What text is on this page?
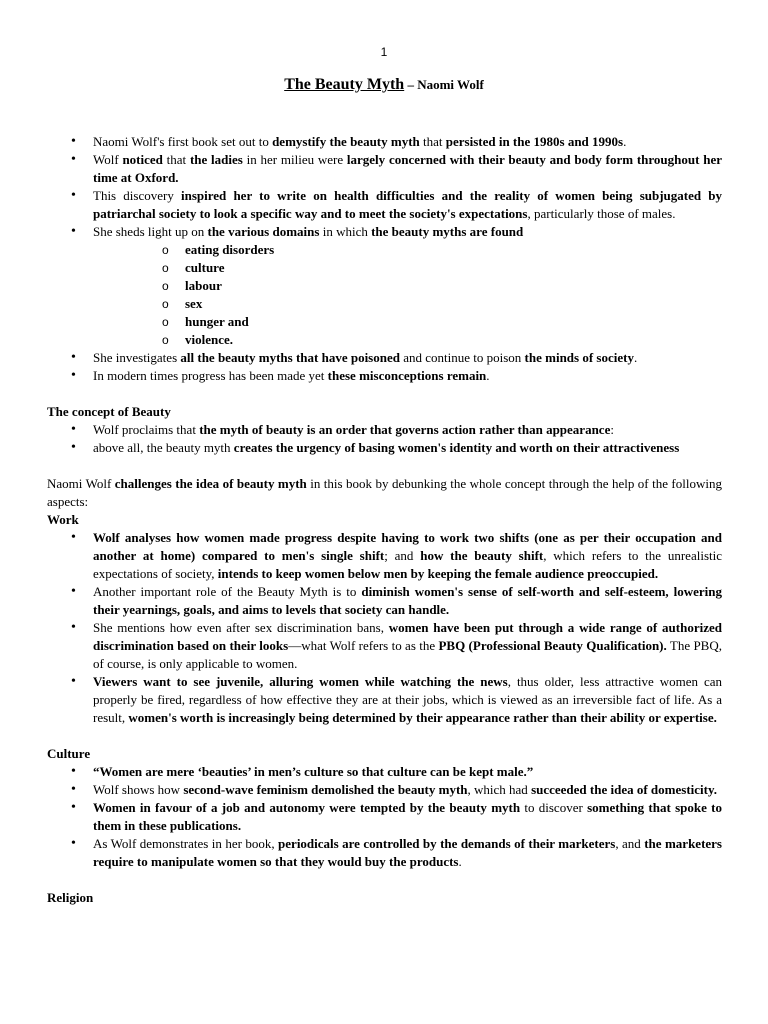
1
The Beauty Myth – Naomi Wolf
• Naomi Wolf's first book set out to demystify the beauty myth that persisted in the 1980s and 1990s.
• Wolf noticed that the ladies in her milieu were largely concerned with their beauty and body form throughout her time at Oxford.
• This discovery inspired her to write on health difficulties and the reality of women being subjugated by patriarchal society to look a specific way and to meet the society's expectations, particularly those of males.
• She sheds light up on the various domains in which the beauty myths are found
o eating disorders
o culture
o labour
o sex
o hunger and
o violence.
• She investigates all the beauty myths that have poisoned and continue to poison the minds of society.
• In modern times progress has been made yet these misconceptions remain.
The concept of Beauty
• Wolf proclaims that the myth of beauty is an order that governs action rather than appearance:
• above all, the beauty myth creates the urgency of basing women's identity and worth on their attractiveness
Naomi Wolf challenges the idea of beauty myth in this book by debunking the whole concept through the help of the following aspects:
Work
• Wolf analyses how women made progress despite having to work two shifts (one as per their occupation and another at home) compared to men's single shift; and how the beauty shift, which refers to the unrealistic expectations of society, intends to keep women below men by keeping the female audience preoccupied.
• Another important role of the Beauty Myth is to diminish women's sense of self-worth and self-esteem, lowering their yearnings, goals, and aims to levels that society can handle.
• She mentions how even after sex discrimination bans, women have been put through a wide range of authorized discrimination based on their looks—what Wolf refers to as the PBQ (Professional Beauty Qualification). The PBQ, of course, is only applicable to women.
• Viewers want to see juvenile, alluring women while watching the news, thus older, less attractive women can properly be fired, regardless of how effective they are at their jobs, which is viewed as an irreversible fact of life. As a result, women's worth is increasingly being determined by their appearance rather than their ability or expertise.
Culture
• “Women are mere ‘beauties’ in men’s culture so that culture can be kept male.”
• Wolf shows how second-wave feminism demolished the beauty myth, which had succeeded the idea of domesticity.
• Women in favour of a job and autonomy were tempted by the beauty myth to discover something that spoke to them in these publications.
• As Wolf demonstrates in her book, periodicals are controlled by the demands of their marketers, and the marketers require to manipulate women so that they would buy the products.
Religion
